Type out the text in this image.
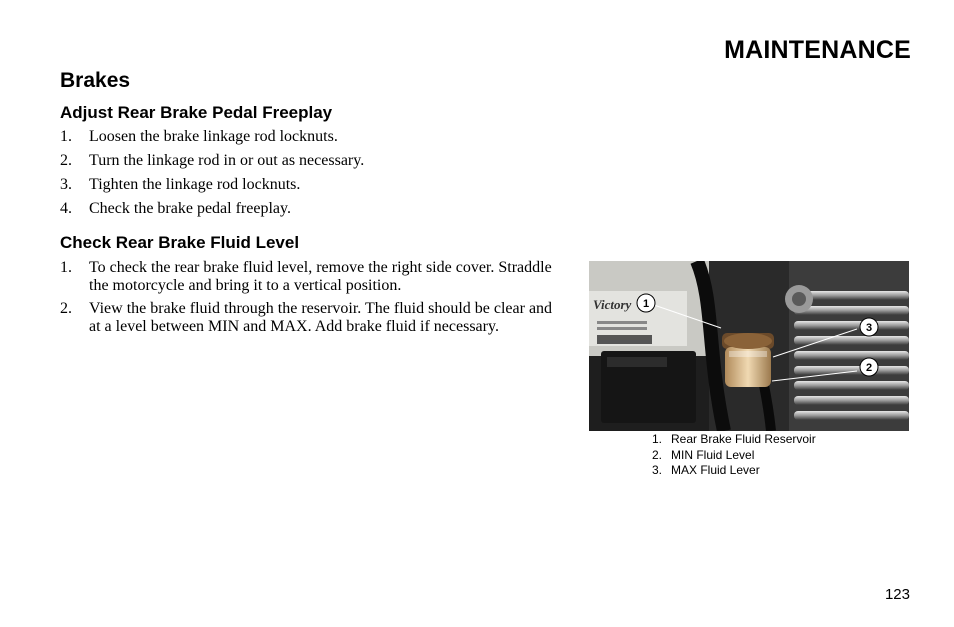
MAINTENANCE
Brakes
Adjust Rear Brake Pedal Freeplay
1. Loosen the brake linkage rod locknuts.
2. Turn the linkage rod in or out as necessary.
3. Tighten the linkage rod locknuts.
4. Check the brake pedal freeplay.
Check Rear Brake Fluid Level
1. To check the rear brake fluid level, remove the right side cover. Straddle the motorcycle and bring it to a vertical position.
2. View the brake fluid through the reservoir. The fluid should be clear and at a level between MIN and MAX. Add brake fluid if necessary.
Victory 1
3
2
1. Rear Brake Fluid Reservoir
2. MIN Fluid Level
3. MAX Fluid Lever
123
